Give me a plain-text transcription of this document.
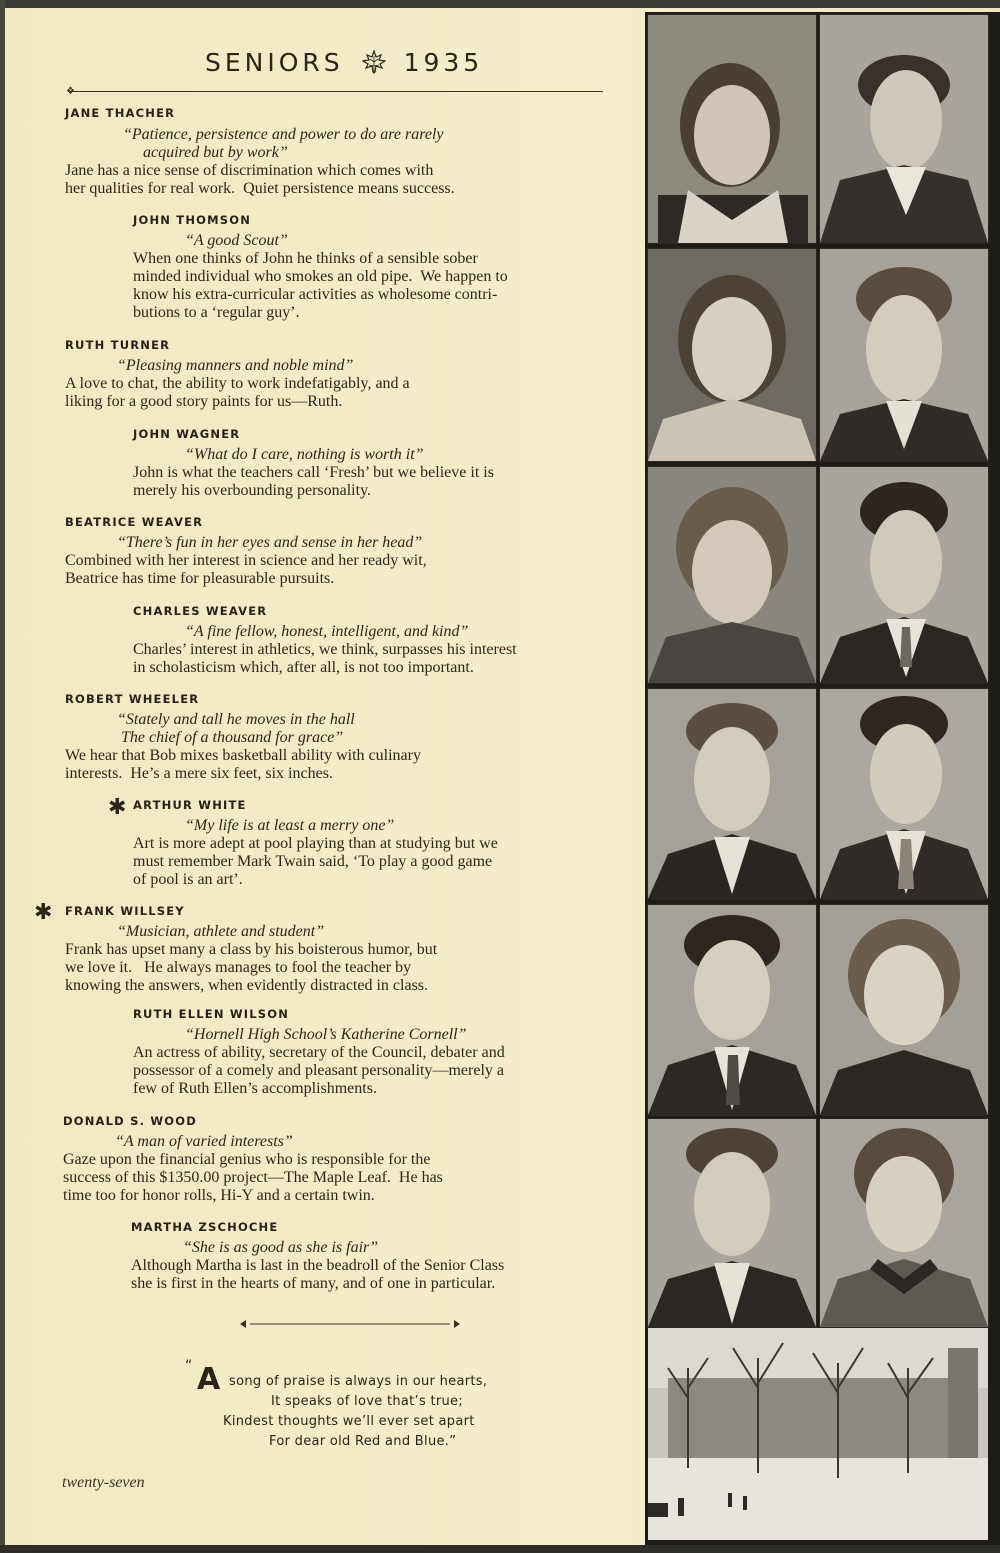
SENIORS 1935
❖
JANE THACHER
“Patience, persistence and power to do are rarely
acquired but by work”
Jane has a nice sense of discrimination which comes with
her qualities for real work.  Quiet persistence means success.
JOHN THOMSON
“A good Scout”
When one thinks of John he thinks of a sensible sober
minded individual who smokes an old pipe.  We happen to
know his extra-curricular activities as wholesome contri-
butions to a ‘regular guy’.
RUTH TURNER
“Pleasing manners and noble mind”
A love to chat, the ability to work indefatigably, and a
liking for a good story paints for us—Ruth.
JOHN WAGNER
“What do I care, nothing is worth it”
John is what the teachers call ‘Fresh’ but we believe it is
merely his overbounding personality.
BEATRICE WEAVER
“There’s fun in her eyes and sense in her head”
Combined with her interest in science and her ready wit,
Beatrice has time for pleasurable pursuits.
CHARLES WEAVER
“A fine fellow, honest, intelligent, and kind”
Charles’ interest in athletics, we think, surpasses his interest
in scholasticism which, after all, is not too important.
ROBERT WHEELER
“Stately and tall he moves in the hall
The chief of a thousand for grace”
We hear that Bob mixes basketball ability with culinary
interests.  He’s a mere six feet, six inches.
✱ ARTHUR WHITE
“My life is at least a merry one”
Art is more adept at pool playing than at studying but we
must remember Mark Twain said, ‘To play a good game
of pool is an art’.
✱ FRANK WILLSEY
“Musician, athlete and student”
Frank has upset many a class by his boisterous humor, but
we love it.   He always manages to fool the teacher by
knowing the answers, when evidently distracted in class.
RUTH ELLEN WILSON
“Hornell High School’s Katherine Cornell”
An actress of ability, secretary of the Council, debater and
possessor of a comely and pleasant personality—merely a
few of Ruth Ellen’s accomplishments.
DONALD S. WOOD
“A man of varied interests”
Gaze upon the financial genius who is responsible for the
success of this $1350.00 project—The Maple Leaf.  He has
time too for honor rolls, Hi-Y and a certain twin.
MARTHA ZSCHOCHE
“She is as good as she is fair”
Although Martha is last in the beadroll of the Senior Class
she is first in the hearts of many, and of one in particular.
“ A song of praise is always in our hearts,
It speaks of love that’s true;
Kindest thoughts we’ll ever set apart
For dear old Red and Blue.”
twenty-seven
